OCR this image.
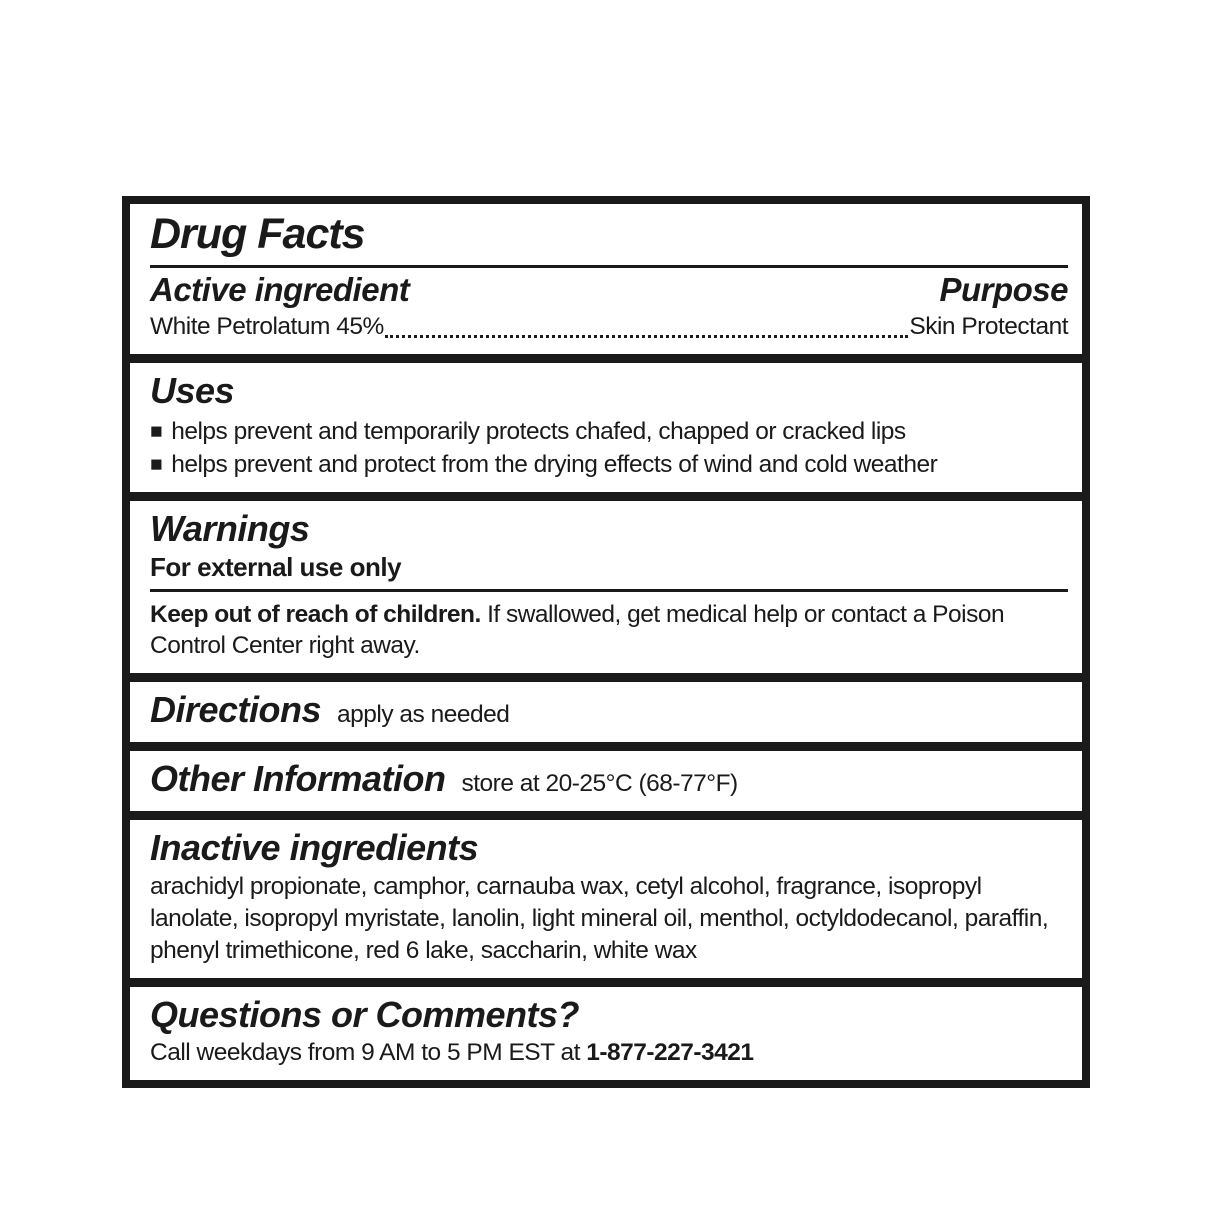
Drug Facts
Active ingredient	Purpose
White Petrolatum 45%	Skin Protectant
Uses
■ helps prevent and temporarily protects chafed, chapped or cracked lips
■ helps prevent and protect from the drying effects of wind and cold weather
Warnings
For external use only

Keep out of reach of children. If swallowed, get medical help or contact a Poison Control Center right away.

Directions apply as needed
Other Information store at 20-25°C (68-77°F)
Inactive ingredients

arachidyl propionate, camphor, carnauba wax, cetyl alcohol, fragrance, isopropyl lanolate, isopropyl myristate, lanolin, light mineral oil, menthol, octyldodecanol, paraffin, phenyl trimethicone, red 6 lake, saccharin, white wax

Questions or Comments?

Call weekdays from 9 AM to 5 PM EST at 1-877-227-3421
